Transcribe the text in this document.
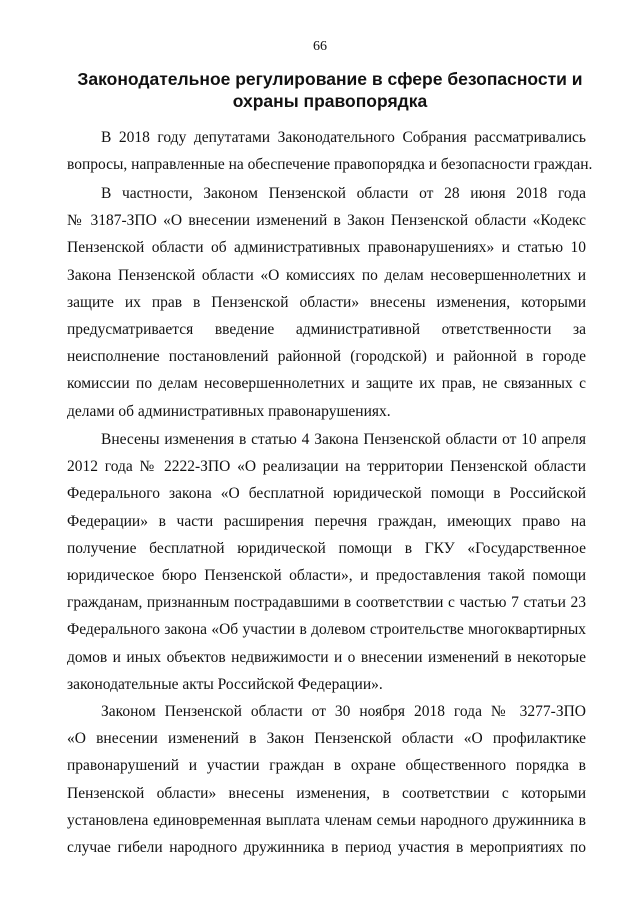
66
Законодательное регулирование в сфере безопасности и
охраны правопорядка

В 2018 году депутатами Законодательного Собрания рассматривались
вопросы, направленные на обеспечение правопорядка и безопасности граждан.

В частности, Законом Пензенской области от 28 июня 2018 года
№ 3187-ЗПО «О внесении изменений в Закон Пензенской области «Кодекс
Пензенской области об административных правонарушениях» и статью 10
Закона Пензенской области «О комиссиях по делам несовершеннолетних и
защите их прав в Пензенской области» внесены изменения, которыми
предусматривается введение административной ответственности за
неисполнение постановлений районной (городской) и районной в городе
комиссии по делам несовершеннолетних и защите их прав, не связанных с
делами об административных правонарушениях.

Внесены изменения в статью 4 Закона Пензенской области от 10 апреля
2012 года № 2222-ЗПО «О реализации на территории Пензенской области
Федерального закона «О бесплатной юридической помощи в Российской
Федерации» в части расширения перечня граждан, имеющих право на
получение бесплатной юридической помощи в ГКУ «Государственное
юридическое бюро Пензенской области», и предоставления такой помощи
гражданам, признанным пострадавшими в соответствии с частью 7 статьи 23
Федерального закона «Об участии в долевом строительстве многоквартирных
домов и иных объектов недвижимости и о внесении изменений в некоторые
законодательные акты Российской Федерации».

Законом Пензенской области от 30 ноября 2018 года № 3277-ЗПО
«О внесении изменений в Закон Пензенской области «О профилактике
правонарушений и участии граждан в охране общественного порядка в
Пензенской области» внесены изменения, в соответствии с которыми
установлена единовременная выплата членам семьи народного дружинника в
случае гибели народного дружинника в период участия в мероприятиях по
